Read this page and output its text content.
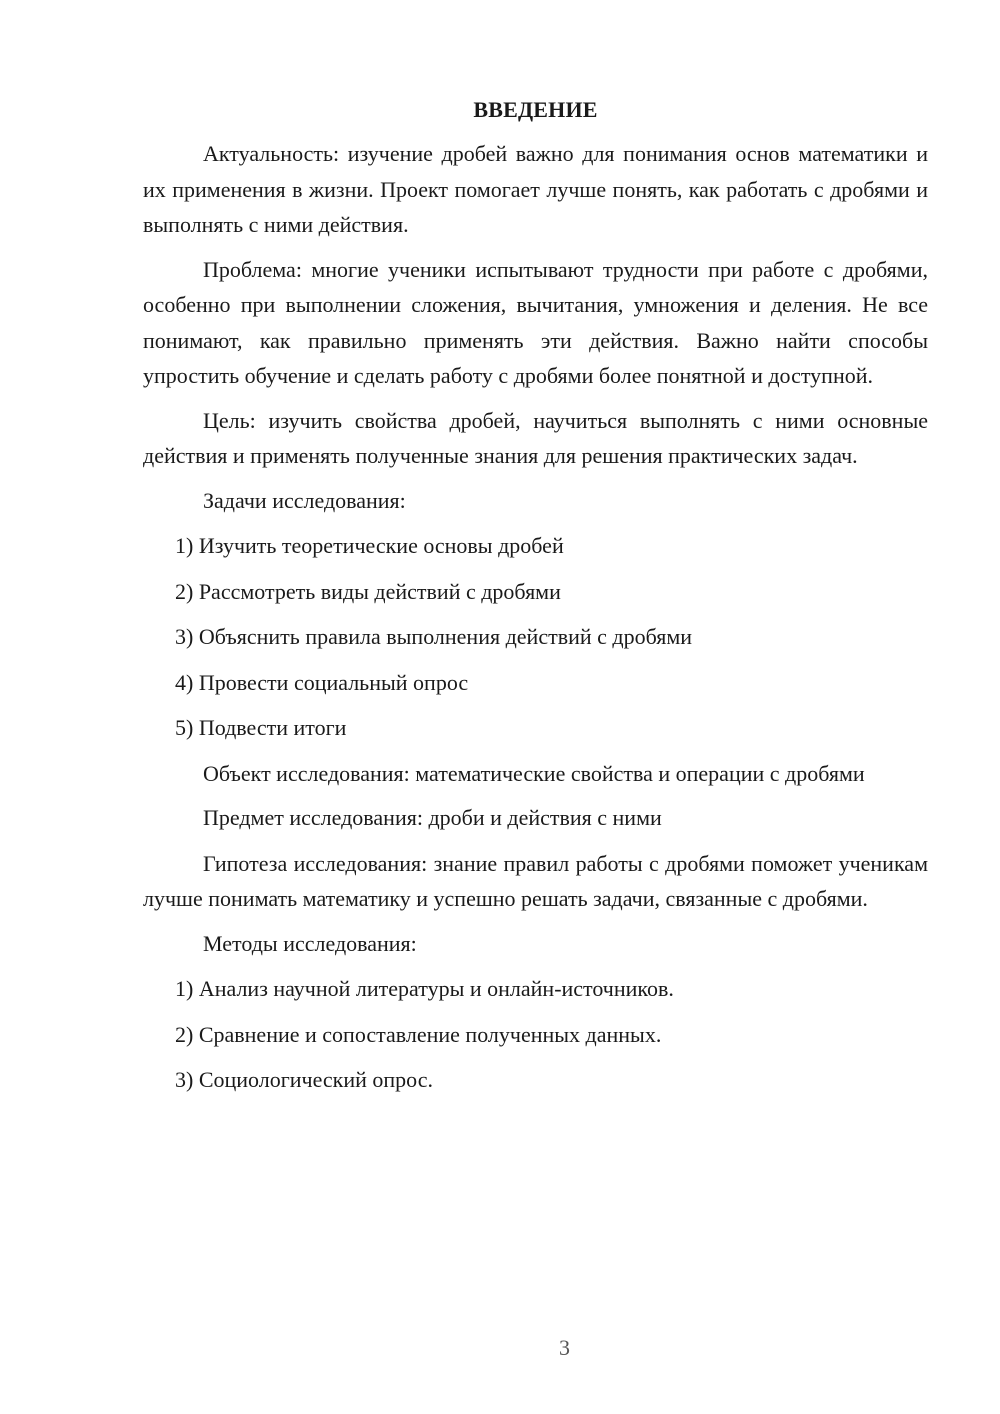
ВВЕДЕНИЕ
Актуальность: изучение дробей важно для понимания основ математики и их применения в жизни. Проект помогает лучше понять, как работать с дробями и выполнять с ними действия.
Проблема: многие ученики испытывают трудности при работе с дробями, особенно при выполнении сложения, вычитания, умножения и деления. Не все понимают, как правильно применять эти действия. Важно найти способы упростить обучение и сделать работу с дробями более понятной и доступной.
Цель: изучить свойства дробей, научиться выполнять с ними основные действия и применять полученные знания для решения практических задач.
Задачи исследования:
1) Изучить теоретические основы дробей
2) Рассмотреть виды действий с дробями
3) Объяснить правила выполнения действий с дробями
4) Провести социальный опрос
5) Подвести итоги
Объект исследования: математические свойства и операции с дробями
Предмет исследования: дроби и действия с ними
Гипотеза исследования: знание правил работы с дробями поможет ученикам лучше понимать математику и успешно решать задачи, связанные с дробями.
Методы исследования:
1) Анализ научной литературы и онлайн-источников.
2) Сравнение и сопоставление полученных данных.
3) Социологический опрос.
3
